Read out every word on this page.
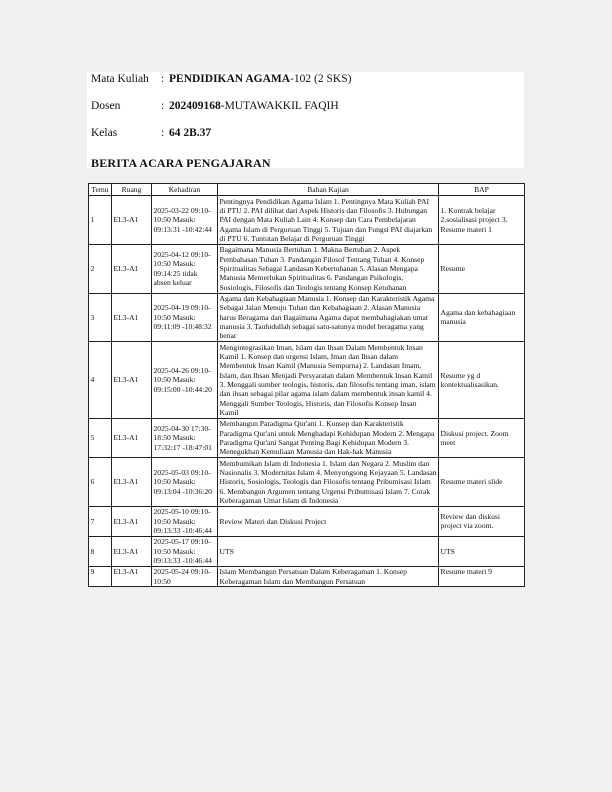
Mata Kuliah : PENDIDIKAN AGAMA-102 (2 SKS)
Dosen	: 202409168-MUTAWAKKIL FAQIH
Kelas	: 64 2B.37
BERITA ACARA PENGAJARAN
Temu	Ruang	Kehadiran	Bahan Kajian	BAP
1	EL3-A1	2025-03-22 09:10-10:50 Masuk: 09:13:31 -10:42:44	Pentingnya Pendidikan Agama Islam 1. Pentingnya Mata Kuliah PAI di PTU 2. PAI dilihat dari Aspek Historis dan Filosofis 3. Hubungan PAI dengan Mata Kuliah Lain 4. Konsep dan Cara Pembelajaran Agama Islam di Perguruan Tinggi 5. Tujuan dan Fungsi PAI diajarkan di PTU 6. Tuntutan Belajar di Perguruan Tinggi	1. Kontrak belajar 2.sosialisasi project 3. Resume materi 1
2	EL3-A1	2025-04-12 09:10-10:50 Masuk: 09:14:25 tidak absen keluar	Bagaimana Manusia Bertuhan 1. Makna Bertuhan 2. Aspek Pembahasan Tuhan 3. Pandangan Filosof Tentang Tuhan 4. Konsep Spiritualitas Sebagai Landasan Kebertuhanan 5. Alasan Mengapa Manusia Memerlukan Spiritualitas 6. Pandangan Psikologis, Sosiologis, Filosofis dan Teologis tentang Konsep Ketuhanan	Resume
3	EL3-A1	2025-04-19 09:10-10:50 Masuk: 09:11:09 -10:48:32	Agama dan Kebahagiaan Manusia 1. Konsep dan Karakteristik Agama Sebagai Jalan Menuju Tuhan dan Kebahagiaan 2. Alasan Manusia harus Beragama dan Bagaimana Agama dapat membahagiakan umat manusia 3. Tauhidullah sebagai satu-satunya model beragama yang benar	Agama dan kebahagiaan manusia
4	EL3-A1	2025-04-26 09:10-10:50 Masuk: 09:15:00 -10:44:20	Mengintegrasikan Iman, Islam dan Ihsan Dalam Membentuk Insan Kamil 1. Konsep dan urgensi Islam, Iman dan Ihsan dalam Membentuk Insan Kamil (Manusia Sempurna) 2. Landasan Imam, Islam, dan Ihsan Menjadi Persyaratan dalam Membentuk Insan Kamil 3. Menggali sumber teologis, historis, dan filosofis tentang iman, islam dan ihsan sebagai pilar agama islam dalam membentuk insan kamil 4. Menggali Sumber Teologis, Historis, dan Filosofis Konsep Insan Kamil	Resume yg d kontektualisasikan.
5	EL3-A1	2025-04-30 17:30-18:50 Masuk: 17:32:17 -18:47:01	Membangun Paradigma Qur'ani 1. Konsep dan Karakteristik Paradigma Qur'ani untuk Menghadapi Kehidupan Modern 2. Mengapa Paradigma Qur'ani Sangat Penting Bagi Kehidupan Modern 3. Menegukhan Kemuliaan Manusia dan Hak-hak Manusia	Diskusi project. Zoom meet
6	EL3-A1	2025-05-03 09:10-10:50 Masuk: 09:13:04 -10:36:20	Membumikan Islam di Indonesia 1. Islam dan Negara 2. Muslim dan Nasionalis 3. Modernitas Islam 4. Menyongsong Kejayaan 5. Landasan Historis, Sosiologis, Teologis dan Filosofis tentang Pribumisasi Islam 6. Membangun Argumen tentang Urgensi Pribumisasi Islam 7. Corak Keberagaman Umat Islam di Indonesia	Resume materi slide
7	EL3-A1	2025-05-10 09:10-10:50 Masuk: 09:13:33 -10:46:44	Review Materi dan Diskusi Project	Review dan diskusi project via zoom.
8	EL3-A1	2025-05-17 09:10-10:50 Masuk: 09:13:33 -10:46:44	UTS	UTS
9	EL3-A1	2025-05-24 09:10-10:50	Islam Membangun Persatuan Dalam Keberagaman 1. Konsep Keberagaman Islam dan Membangun Persatuan	Resume materi 9
